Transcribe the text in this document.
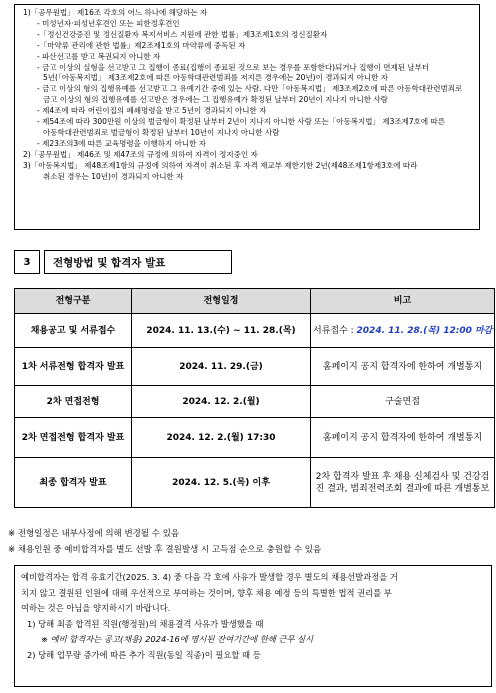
1)「공무원법」 제16조 각호의 어느 하나에 해당하는 자
- 미성년자·피성년후견인 또는 피한정후견인
-「정신건강증진 및 정신질환자 복지서비스 지원에 관한 법률」제3조제1호의 정신질환자
-「마약류 관리에 관한 법률」제2조제1호의 마약류에 중독된 자
- 파산선고를 받고 복권되지 아니한 자
- 금고 이상의 실형을 선고받고 그 집행이 종료(집행이 종료된 것으로 보는 경우를 포함한다)되거나 집행이 면제된 날부터
5년(「아동복지법」 제3조제2호에 따른 아동학대관련범죄를 저지른 경우에는 20년)이 경과되지 아니한 자
- 금고 이상의 형의 집행유예를 선고받고 그 유예기간 중에 있는 사람. 다만「아동복지법」 제3조제2호에 따른 아동학대관련범죄로
금고 이상의 형의 집행유예를 선고받은 경우에는 그 집행유예가 확정된 날부터 20년이 지나지 아니한 사람
- 제4조에 따라 어린이집의 폐쇄명령을 받고 5년이 경과되지 아니한 자
- 제54조에 따라 300만원 이상의 벌금형이 확정된 날부터 2년이 지나지 아니한 사람 또는「아동복지법」 제3조제7호에 따른
아동학대관련범죄로 벌금형이 확정된 날부터 10년이 지나지 아니한 사람
- 제23조의3에 따른 교육명령을 이행하지 아니한 자
2)「공무원법」 제46조 및 제47조의 규정에 의하여 자격이 정지중인 자
3)「아동복지법」 제48조제1항의 규정에 의하여 자격이 취소된 후 자격 재교부 제한기한 2년(제48조제1항제3호에 따라
취소된 경우는 10년)이 경과되지 아니한 자
3	전형방법 및 합격자 발표
전형구분	전형일정	비고
채용공고 및 서류접수	2024. 11. 13.(수) ~ 11. 28.(목)	서류접수 : 2024. 11. 28.(목) 12:00 마감
1차 서류전형 합격자 발표	2024. 11. 29.(금)	홈페이지 공지 합격자에 한하여 개별통지
2차 면접전형	2024. 12. 2.(월)	구술면접
2차 면접전형 합격자 발표	2024. 12. 2.(월) 17:30	홈페이지 공지 합격자에 한하여 개별통지
최종 합격자 발표	2024. 12. 5.(목) 이후	2차 합격자 발표 후 채용 신체검사 및 건강검진 결과, 범죄전력조회 결과에 따른 개별통보
※ 전형일정은 내부사정에 의해 변경될 수 있음
※ 채용인원 중 예비합격자를 별도 선발 후 결원발생 시 고득점 순으로 충원할 수 있음
예비합격자는 합격 유효기간(2025. 3. 4) 중 다음 각 호에 사유가 발생할 경우 별도의 채용선발과정을 거
치지 않고 결원된 인원에 대해 우선적으로 부여하는 것이며, 향후 채용 예정 등의 특별한 법적 권리를 부
여하는 것은 아님을 양지하시기 바랍니다.
1) 당해 최종 합격된 직원(행정원)의 채용결격 사유가 발생했을 때
※ 예비 합격자는 공고(채용) 2024-16에 명시된 잔여기간에 한해 근무 실시
2) 당해 업무량 증가에 따른 추가 직원(동일 직종)이 필요할 때 등
